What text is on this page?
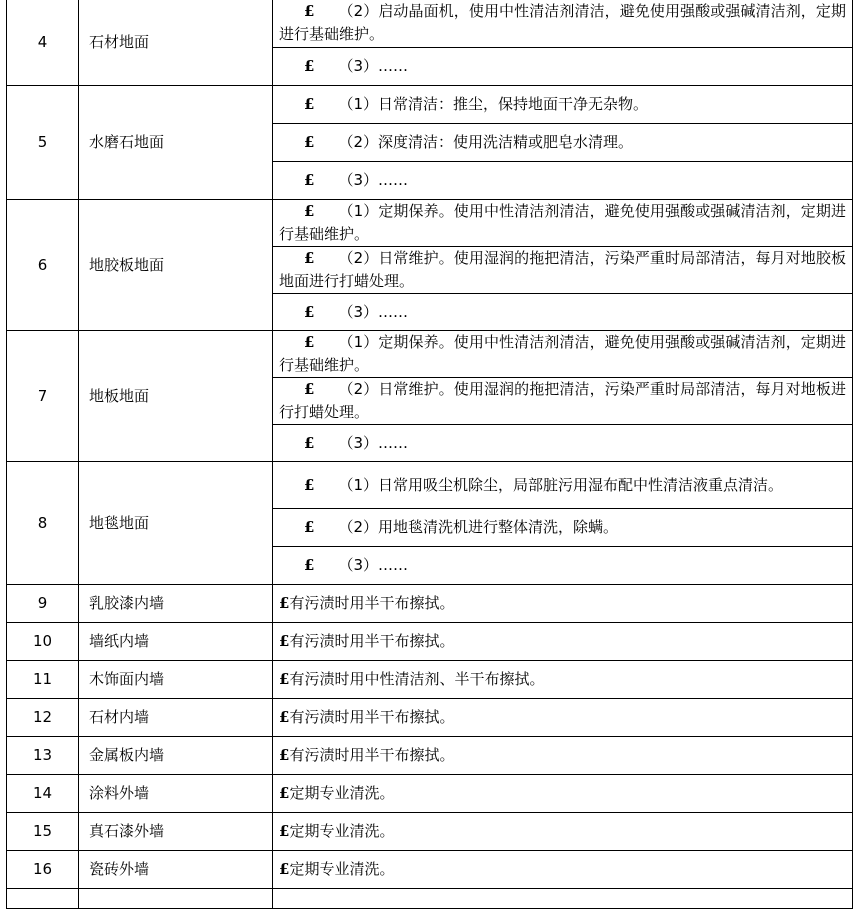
4	石材地面	£ （2）启动晶面机，使用中性清洁剂清洁，避免使用强酸或强碱清洁剂，定期进行基础维护。
		£ （3）……
5	水磨石地面	£ （1）日常清洁：推尘，保持地面干净无杂物。
		£ （2）深度清洁：使用洗洁精或肥皂水清理。
		£ （3）……
6	地胶板地面	£ （1）定期保养。使用中性清洁剂清洁，避免使用强酸或强碱清洁剂，定期进行基础维护。
		£ （2）日常维护。使用湿润的拖把清洁，污染严重时局部清洁，每月对地胶板地面进行打蜡处理。
		£ （3）……
7	地板地面	£ （1）定期保养。使用中性清洁剂清洁，避免使用强酸或强碱清洁剂，定期进行基础维护。
		£ （2）日常维护。使用湿润的拖把清洁，污染严重时局部清洁，每月对地板进行打蜡处理。
		£ （3）……
8	地毯地面	£ （1）日常用吸尘机除尘，局部脏污用湿布配中性清洁液重点清洁。
		£ （2）用地毯清洗机进行整体清洗，除螨。
		£ （3）……
9	乳胶漆内墙	£有污渍时用半干布擦拭。
10	墙纸内墙	£有污渍时用半干布擦拭。
11	木饰面内墙	£有污渍时用中性清洁剂、半干布擦拭。
12	石材内墙	£有污渍时用半干布擦拭。
13	金属板内墙	£有污渍时用半干布擦拭。
14	涂料外墙	£定期专业清洗。
15	真石漆外墙	£定期专业清洗。
16	瓷砖外墙	£定期专业清洗。
